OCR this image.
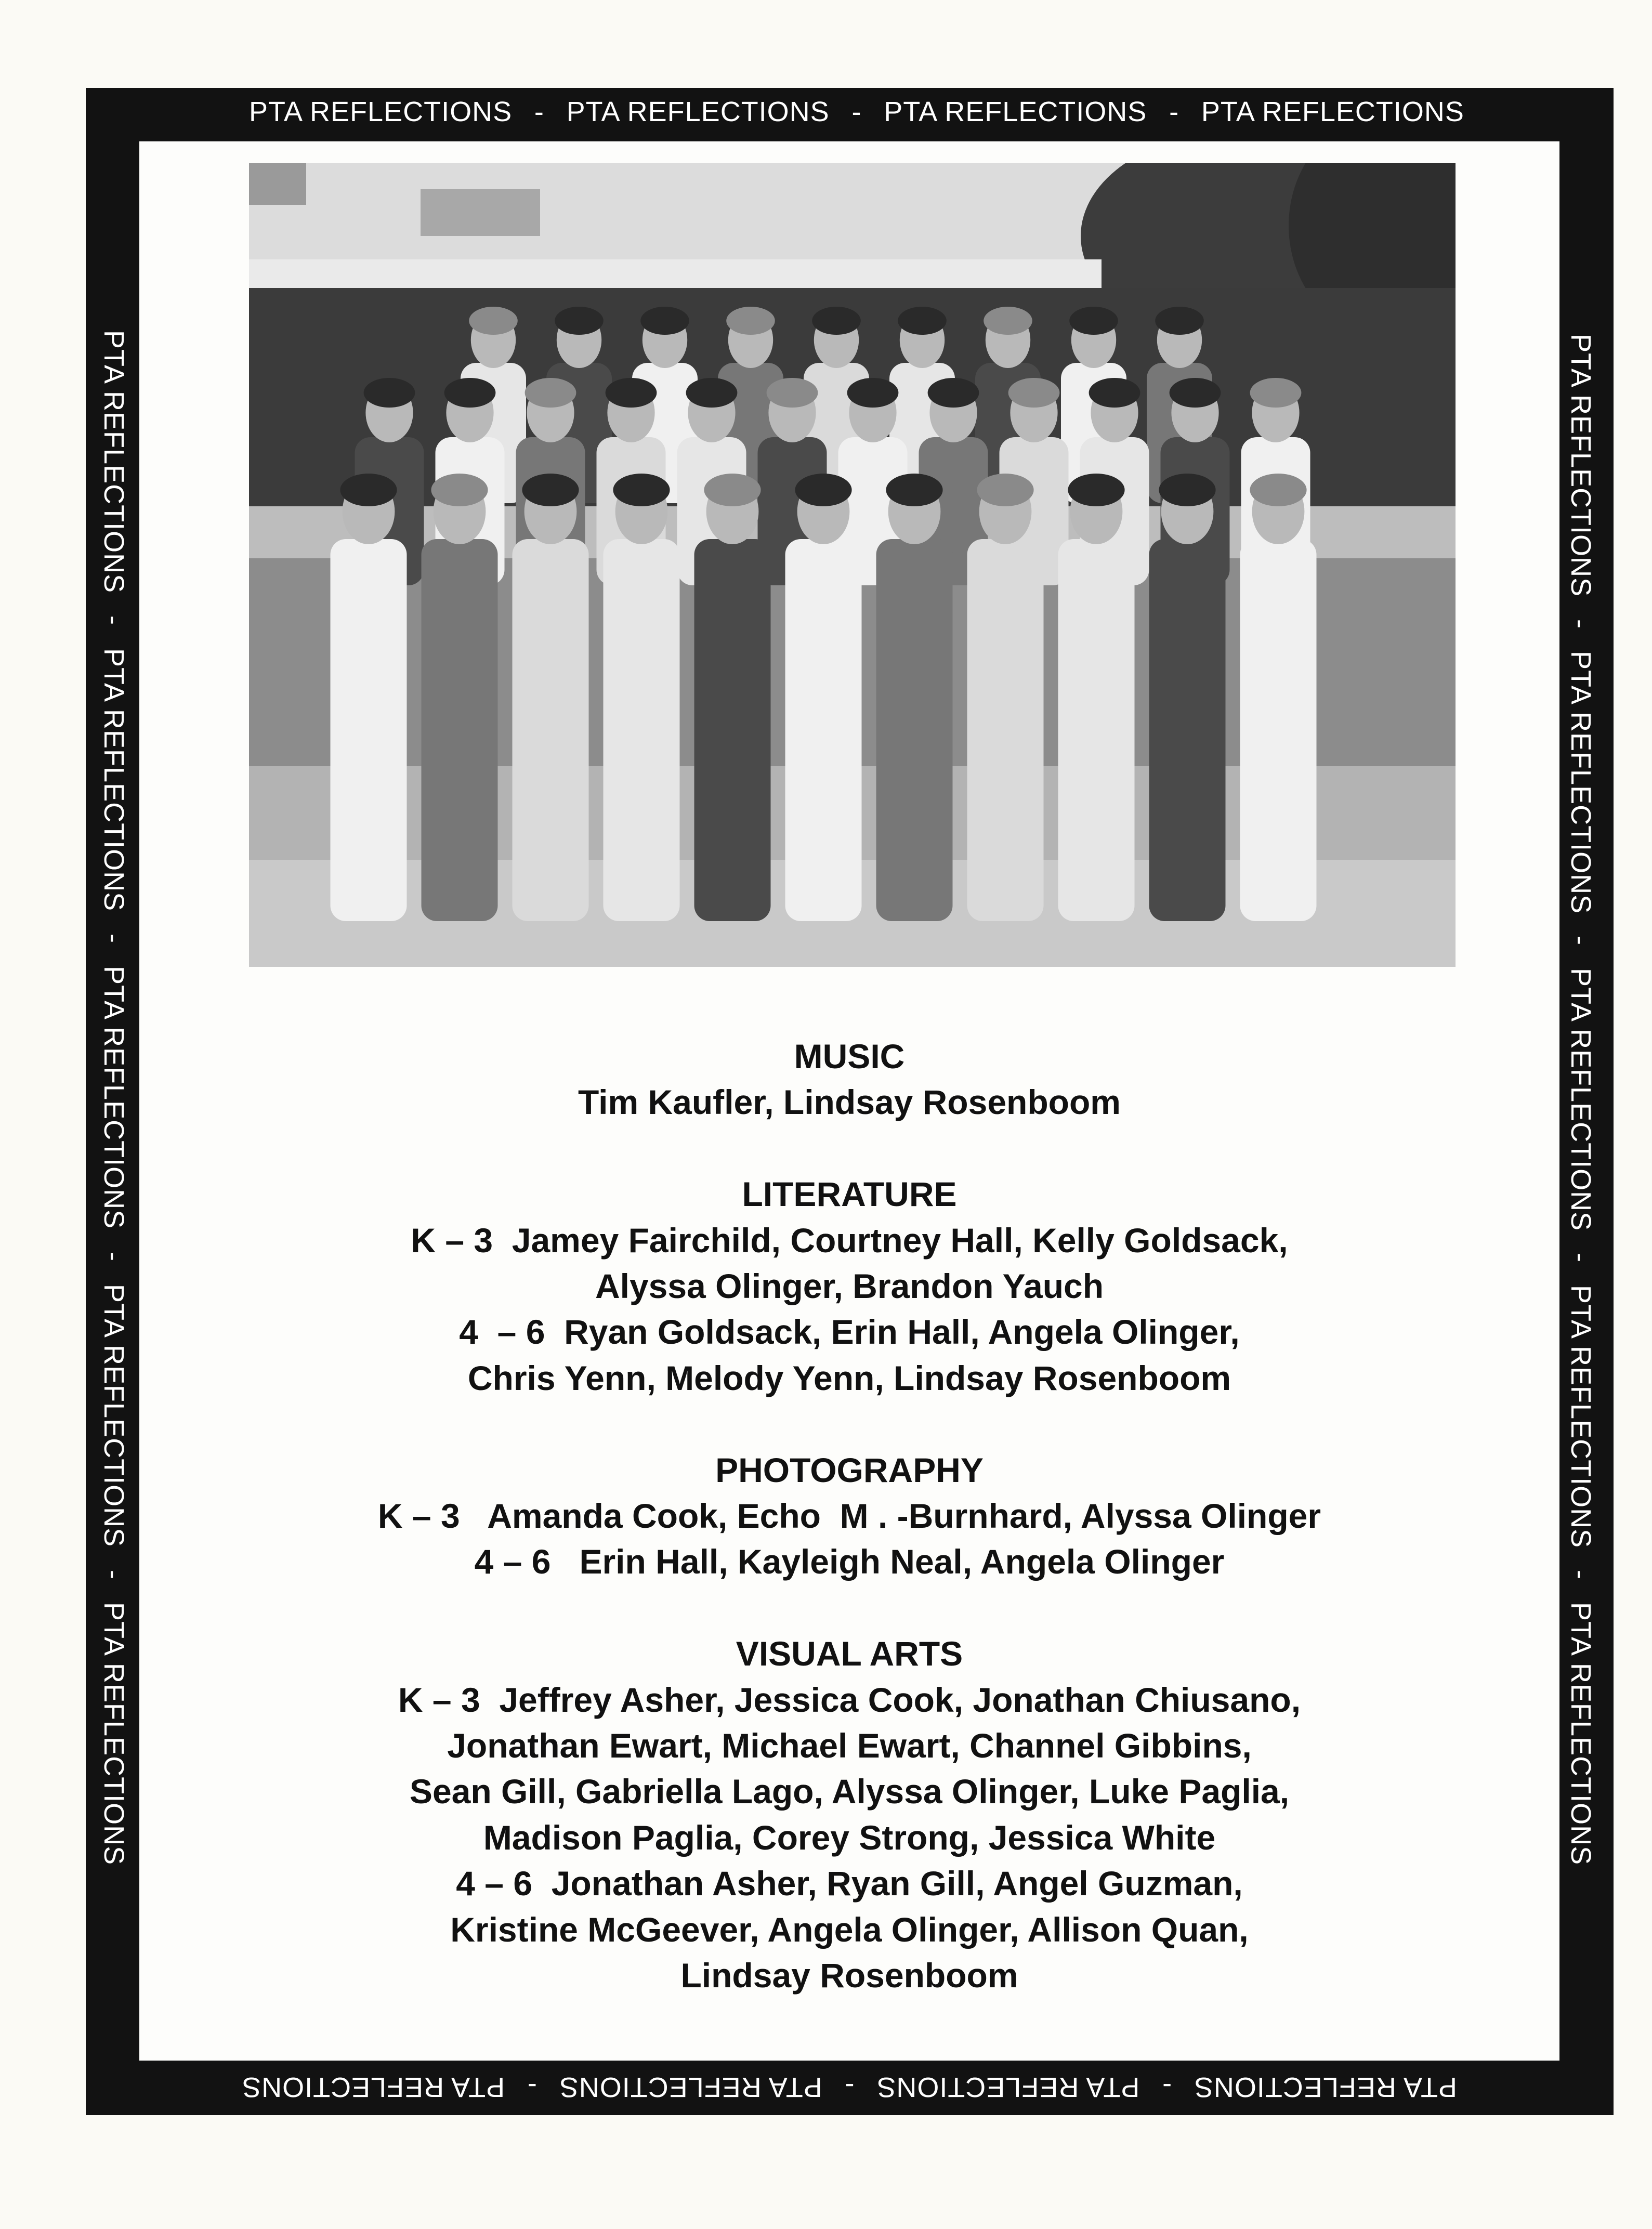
PTA REFLECTIONS - PTA REFLECTIONS - PTA REFLECTIONS - PTA REFLECTIONS
PTA REFLECTIONS
-
PTA REFLECTIONS
-
PTA REFLECTIONS
-
PTA REFLECTIONS
PTA REFLECTIONS
-
PTA REFLECTIONS
-
PTA REFLECTIONS
-
PTA REFLECTIONS
-
PTA REFLECTIONS
PTA REFLECTIONS
-
PTA REFLECTIONS
-
PTA REFLECTIONS
-
PTA REFLECTIONS
-
PTA REFLECTIONS
MUSIC
Tim Kaufler, Lindsay Rosenboom
LITERATURE
K – 3  Jamey Fairchild, Courtney Hall, Kelly Goldsack,
Alyssa Olinger, Brandon Yauch
4  – 6  Ryan Goldsack, Erin Hall, Angela Olinger,
Chris Yenn, Melody Yenn, Lindsay Rosenboom
PHOTOGRAPHY
K – 3   Amanda Cook, Echo  M . -Burnhard, Alyssa Olinger
4 – 6   Erin Hall, Kayleigh Neal, Angela Olinger
VISUAL ARTS
K – 3  Jeffrey Asher, Jessica Cook, Jonathan Chiusano,
Jonathan Ewart, Michael Ewart, Channel Gibbins,
Sean Gill, Gabriella Lago, Alyssa Olinger, Luke Paglia,
Madison Paglia, Corey Strong, Jessica White
4 – 6  Jonathan Asher, Ryan Gill, Angel Guzman,
Kristine McGeever, Angela Olinger, Allison Quan,
Lindsay Rosenboom
